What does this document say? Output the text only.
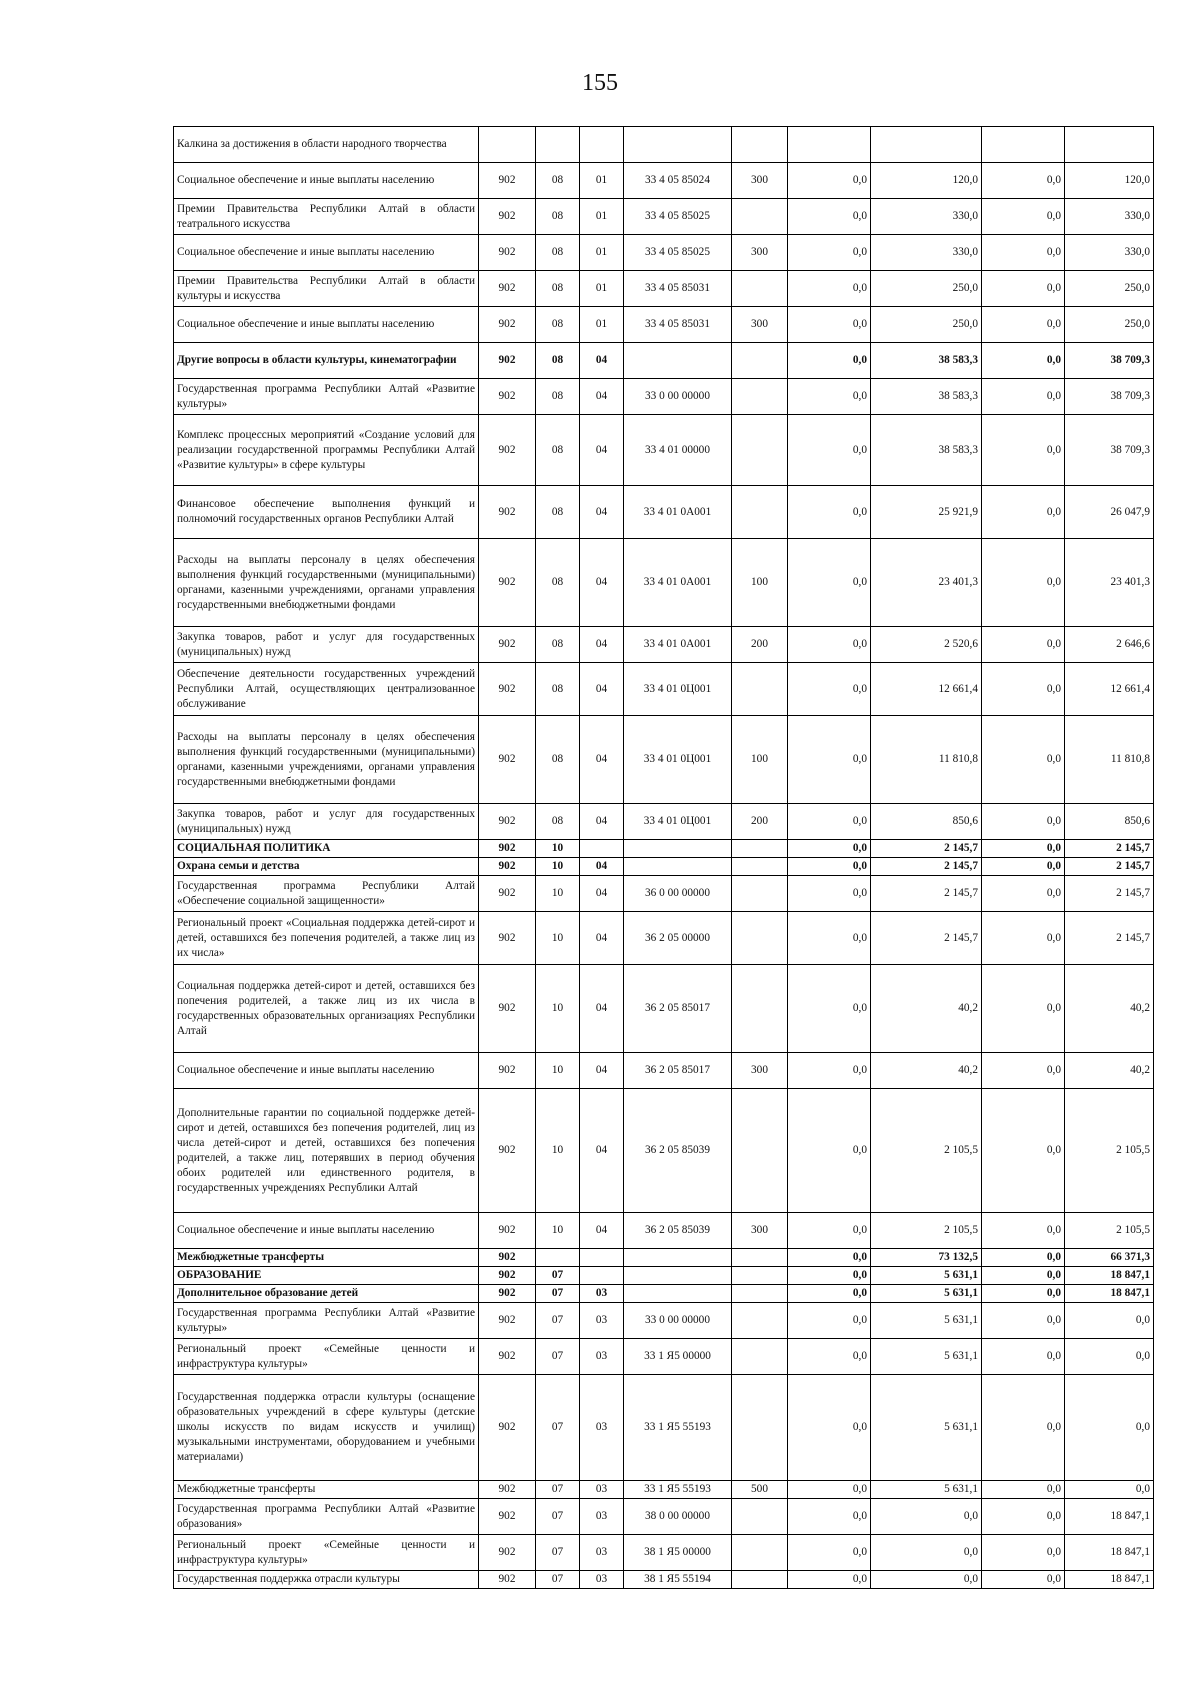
155
Калкина за достижения в области народного творчества									
Социальное обеспечение и иные выплаты населению	902	08	01	33 4 05 85024	300	0,0	120,0	0,0	120,0
Премии Правительства Республики Алтай в области театрального искусства	902	08	01	33 4 05 85025		0,0	330,0	0,0	330,0
Социальное обеспечение и иные выплаты населению	902	08	01	33 4 05 85025	300	0,0	330,0	0,0	330,0
Премии Правительства Республики Алтай в области культуры и искусства	902	08	01	33 4 05 85031		0,0	250,0	0,0	250,0
Социальное обеспечение и иные выплаты населению	902	08	01	33 4 05 85031	300	0,0	250,0	0,0	250,0
Другие вопросы в области культуры, кинематографии	902	08	04			0,0	38 583,3	0,0	38 709,3
Государственная программа Республики Алтай «Развитие культуры»	902	08	04	33 0 00 00000		0,0	38 583,3	0,0	38 709,3
Комплекс процессных мероприятий «Создание условий для реализации государственной программы Республики Алтай «Развитие культуры» в сфере культуры	902	08	04	33 4 01 00000		0,0	38 583,3	0,0	38 709,3
Финансовое обеспечение выполнения функций и полномочий государственных органов Республики Алтай	902	08	04	33 4 01 0А001		0,0	25 921,9	0,0	26 047,9
Расходы на выплаты персоналу в целях обеспечения выполнения функций государственными (муниципальными) органами, казенными учреждениями, органами управления государственными внебюджетными фондами	902	08	04	33 4 01 0А001	100	0,0	23 401,3	0,0	23 401,3
Закупка товаров, работ и услуг для государственных (муниципальных) нужд	902	08	04	33 4 01 0А001	200	0,0	2 520,6	0,0	2 646,6
Обеспечение деятельности государственных учреждений Республики Алтай, осуществляющих централизованное обслуживание	902	08	04	33 4 01 0Ц001		0,0	12 661,4	0,0	12 661,4
Расходы на выплаты персоналу в целях обеспечения выполнения функций государственными (муниципальными) органами, казенными учреждениями, органами управления государственными внебюджетными фондами	902	08	04	33 4 01 0Ц001	100	0,0	11 810,8	0,0	11 810,8
Закупка товаров, работ и услуг для государственных (муниципальных) нужд	902	08	04	33 4 01 0Ц001	200	0,0	850,6	0,0	850,6
СОЦИАЛЬНАЯ ПОЛИТИКА	902	10				0,0	2 145,7	0,0	2 145,7
Охрана семьи и детства	902	10	04			0,0	2 145,7	0,0	2 145,7
Государственная программа Республики Алтай «Обеспечение социальной защищенности»	902	10	04	36 0 00 00000		0,0	2 145,7	0,0	2 145,7
Региональный проект «Социальная поддержка детей-сирот и детей, оставшихся без попечения родителей, а также лиц из их числа»	902	10	04	36 2 05 00000		0,0	2 145,7	0,0	2 145,7
Социальная поддержка детей-сирот и детей, оставшихся без попечения родителей, а также лиц из их числа в государственных образовательных организациях Республики Алтай	902	10	04	36 2 05 85017		0,0	40,2	0,0	40,2
Социальное обеспечение и иные выплаты населению	902	10	04	36 2 05 85017	300	0,0	40,2	0,0	40,2
Дополнительные гарантии по социальной поддержке детей-сирот и детей, оставшихся без попечения родителей, лиц из числа детей-сирот и детей, оставшихся без попечения родителей, а также лиц, потерявших в период обучения обоих родителей или единственного родителя, в государственных учреждениях Республики Алтай	902	10	04	36 2 05 85039		0,0	2 105,5	0,0	2 105,5
Социальное обеспечение и иные выплаты населению	902	10	04	36 2 05 85039	300	0,0	2 105,5	0,0	2 105,5
Межбюджетные трансферты	902					0,0	73 132,5	0,0	66 371,3
ОБРАЗОВАНИЕ	902	07				0,0	5 631,1	0,0	18 847,1
Дополнительное образование детей	902	07	03			0,0	5 631,1	0,0	18 847,1
Государственная программа Республики Алтай «Развитие культуры»	902	07	03	33 0 00 00000		0,0	5 631,1	0,0	0,0
Региональный проект «Семейные ценности и инфраструктура культуры»	902	07	03	33 1 Я5 00000		0,0	5 631,1	0,0	0,0
Государственная поддержка отрасли культуры (оснащение образовательных учреждений в сфере культуры (детские школы искусств по видам искусств и училищ) музыкальными инструментами, оборудованием и учебными материалами)	902	07	03	33 1 Я5 55193		0,0	5 631,1	0,0	0,0
Межбюджетные трансферты	902	07	03	33 1 Я5 55193	500	0,0	5 631,1	0,0	0,0
Государственная программа Республики Алтай «Развитие образования»	902	07	03	38 0 00 00000		0,0	0,0	0,0	18 847,1
Региональный проект «Семейные ценности и инфраструктура культуры»	902	07	03	38 1 Я5 00000		0,0	0,0	0,0	18 847,1
Государственная поддержка отрасли культуры	902	07	03	38 1 Я5 55194		0,0	0,0	0,0	18 847,1
